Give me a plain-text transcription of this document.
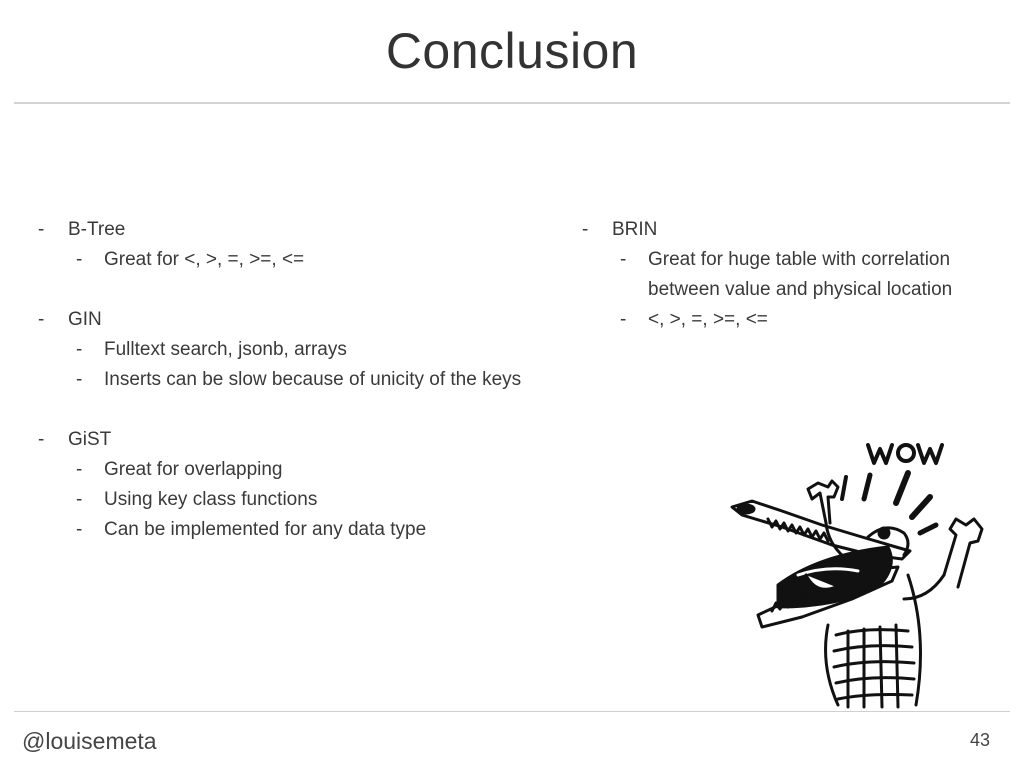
Conclusion
-	B-Tree
-	Great for <, >, =, >=, <=
-	GIN
-	Fulltext search, jsonb, arrays
-	Inserts can be slow because of unicity of the keys
-	GiST
-	Great for overlapping
-	Using key class functions
-	Can be implemented for any data type
-	BRIN
-	Great for huge table with correlation between value and physical location
-	<, >, =, >=, <=
@louisemeta	43
